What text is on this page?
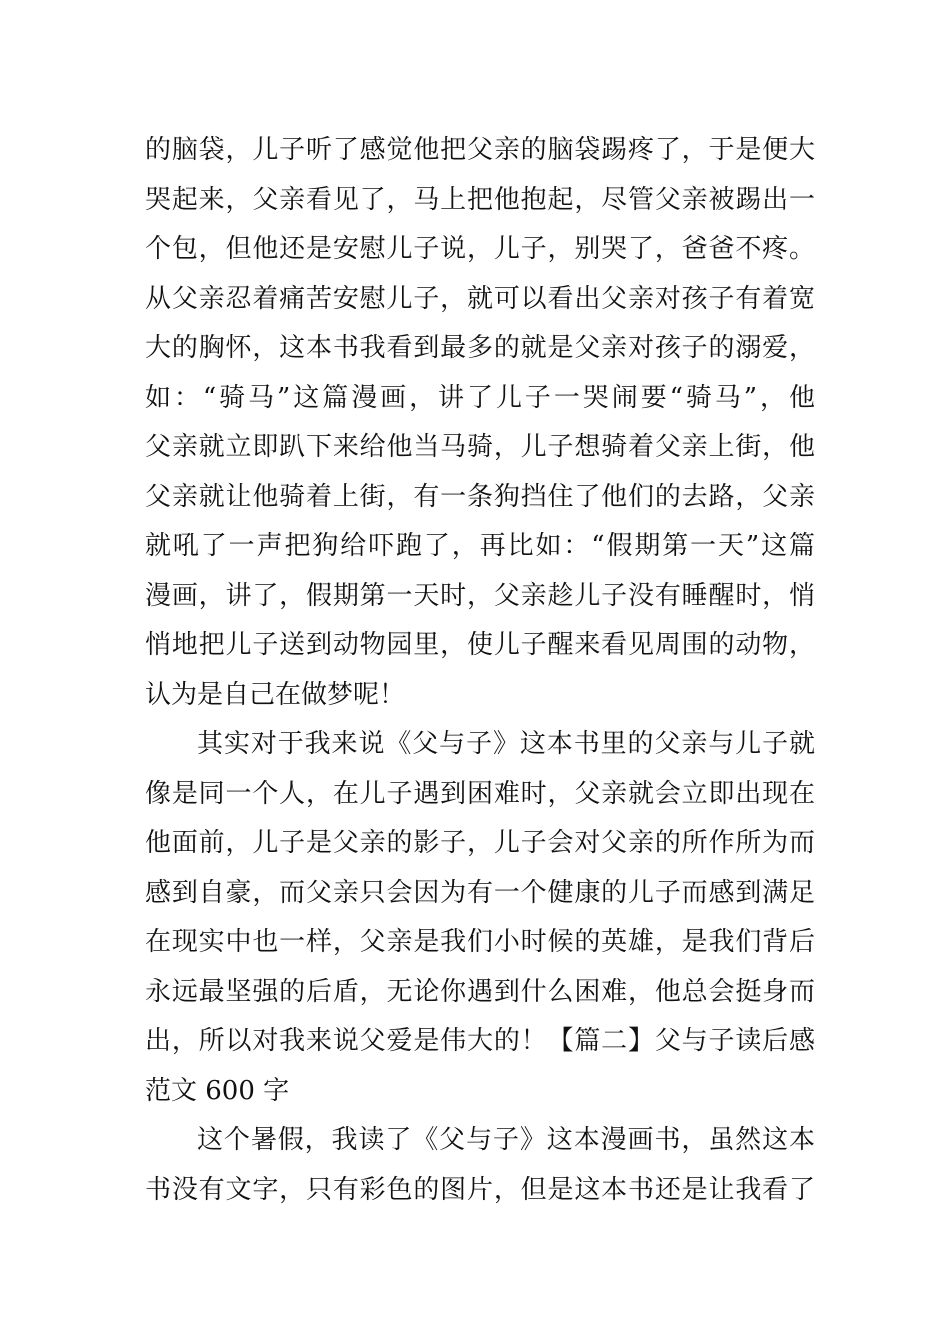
的脑袋，儿子听了感觉他把父亲的脑袋踢疼了，于是便大
哭起来，父亲看见了，马上把他抱起，尽管父亲被踢出一
个包，但他还是安慰儿子说，儿子，别哭了，爸爸不疼。
从父亲忍着痛苦安慰儿子，就可以看出父亲对孩子有着宽
大的胸怀，这本书我看到最多的就是父亲对孩子的溺爱，
如：“骑马”这篇漫画，讲了儿子一哭闹要“骑马”，他
父亲就立即趴下来给他当马骑，儿子想骑着父亲上街，他
父亲就让他骑着上街，有一条狗挡住了他们的去路，父亲
就吼了一声把狗给吓跑了，再比如：“假期第一天”这篇
漫画，讲了，假期第一天时，父亲趁儿子没有睡醒时，悄
悄地把儿子送到动物园里，使儿子醒来看见周围的动物，
认为是自己在做梦呢！
其实对于我来说《父与子》这本书里的父亲与儿子就
像是同一个人，在儿子遇到困难时，父亲就会立即出现在
他面前，儿子是父亲的影子，儿子会对父亲的所作所为而
感到自豪，而父亲只会因为有一个健康的儿子而感到满足
在现实中也一样，父亲是我们小时候的英雄，是我们背后
永远最坚强的后盾，无论你遇到什么困难，他总会挺身而
出，所以对我来说父爱是伟大的！【篇二】父与子读后感
范文 600 字
这个暑假，我读了《父与子》这本漫画书，虽然这本
书没有文字，只有彩色的图片，但是这本书还是让我看了
